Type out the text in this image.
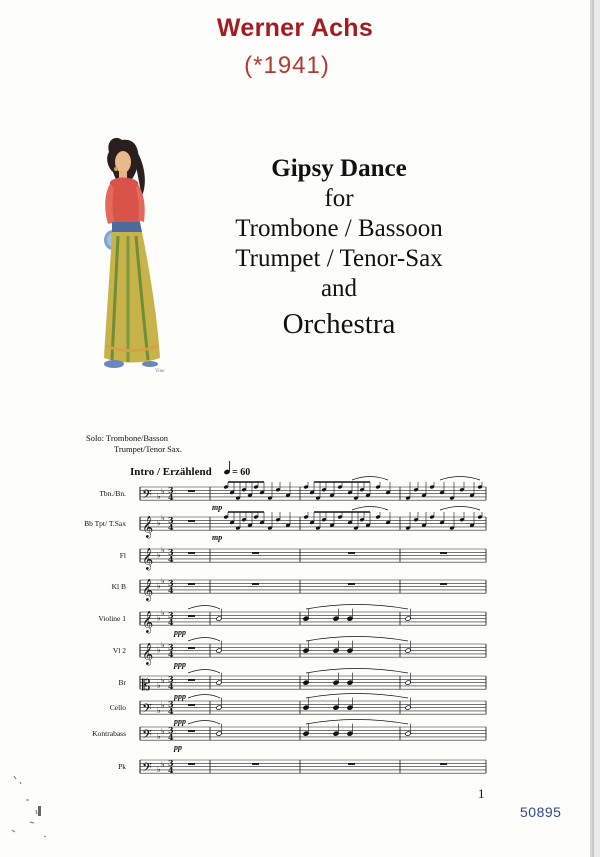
Werner Achs
(*1941)
Vine
Gipsy Dance
for
Trombone / Bassoon
Trumpet / Tenor-Sax
and
Orchestra
Solo: Trombone/Basson
Trumpet/Tenor Sax.
Intro / Erzählend = 60
Tbn./Bn. 𝄢 ♭
♭ 3
4
mp
Bb Tpt/ T.Sax 𝄞 ♭
♭ 3
4
mp
Fl 𝄞 ♭
♭ 3
4
Kl B 𝄞 ♭
♭ 3
4
Violine 1 𝄞 ♭
♭ 3
4
ppp
Vl 2 𝄞 ♭
♭ 3
4
ppp
Br 𝄡 ♭
♭ 3
4
ppp
Cello 𝄢 ♭
♭ 3
4
ppp
Kontrabass 𝄢 ♭
♭ 3
4
pp
Pk 𝄢 ♭
♭ 3
4
1
50895
